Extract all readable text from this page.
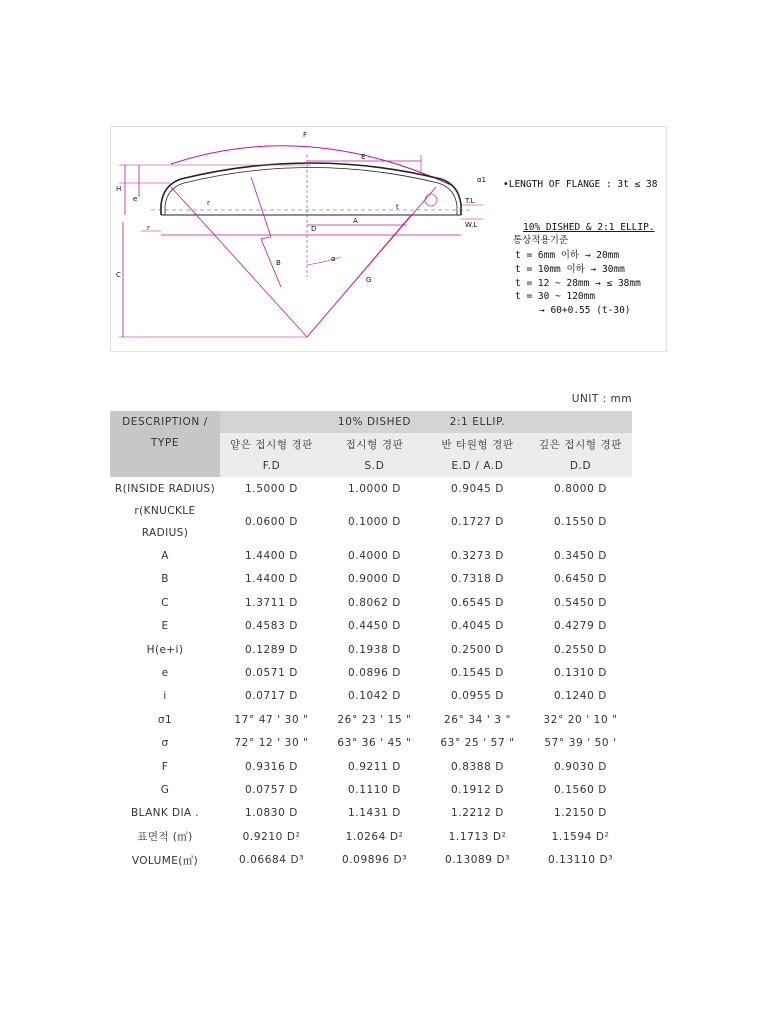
F
E
H
e
C
D
A
B
G
r
T.L
W.L
r	t
α1
α
•LENGTH OF FLANGE : 3t ≤ 38
10% DISHED & 2:1 ELLIP.
통상적용기준
t = 6mm 이하 → 20mm
t = 10mm 이하 → 30mm
t = 12 ~ 28mm → ≤ 38mm
t = 30 ~ 120mm
→ 60+0.55 (t-30)
UNIT : mm
DESCRIPTION / TYPE		10% DISHED	2:1 ELLIP.	
	얕은 접시형 경판	접시형 경판	반 타원형 경판	깊은 접시형 경판
	F.D	S.D	E.D / A.D	D.D
R(INSIDE RADIUS)	1.5000 D	1.0000 D	0.9045 D	0.8000 D
r(KNUCKLE RADIUS)	0.0600 D	0.1000 D	0.1727 D	0.1550 D
A	1.4400 D	0.4000 D	0.3273 D	0.3450 D
B	1.4400 D	0.9000 D	0.7318 D	0.6450 D
C	1.3711 D	0.8062 D	0.6545 D	0.5450 D
E	0.4583 D	0.4450 D	0.4045 D	0.4279 D
H(e+i)	0.1289 D	0.1938 D	0.2500 D	0.2550 D
e	0.0571 D	0.0896 D	0.1545 D	0.1310 D
i	0.0717 D	0.1042 D	0.0955 D	0.1240 D
σ1	17° 47 ' 30 "	26° 23 ' 15 "	26° 34 ' 3 "	32° 20 ' 10 "
σ	72° 12 ' 30 "	63° 36 ' 45 "	63° 25 ' 57 "	57° 39 ' 50 '
F	0.9316 D	0.9211 D	0.8388 D	0.9030 D
G	0.0757 D	0.1110 D	0.1912 D	0.1560 D
BLANK DIA .	1.0830 D	1.1431 D	1.2212 D	1.2150 D
표면적 (㎡)	0.9210 D²	1.0264 D²	1.1713 D²	1.1594 D²
VOLUME(㎥)	0.06684 D³	0.09896 D³	0.13089 D³	0.13110 D³
